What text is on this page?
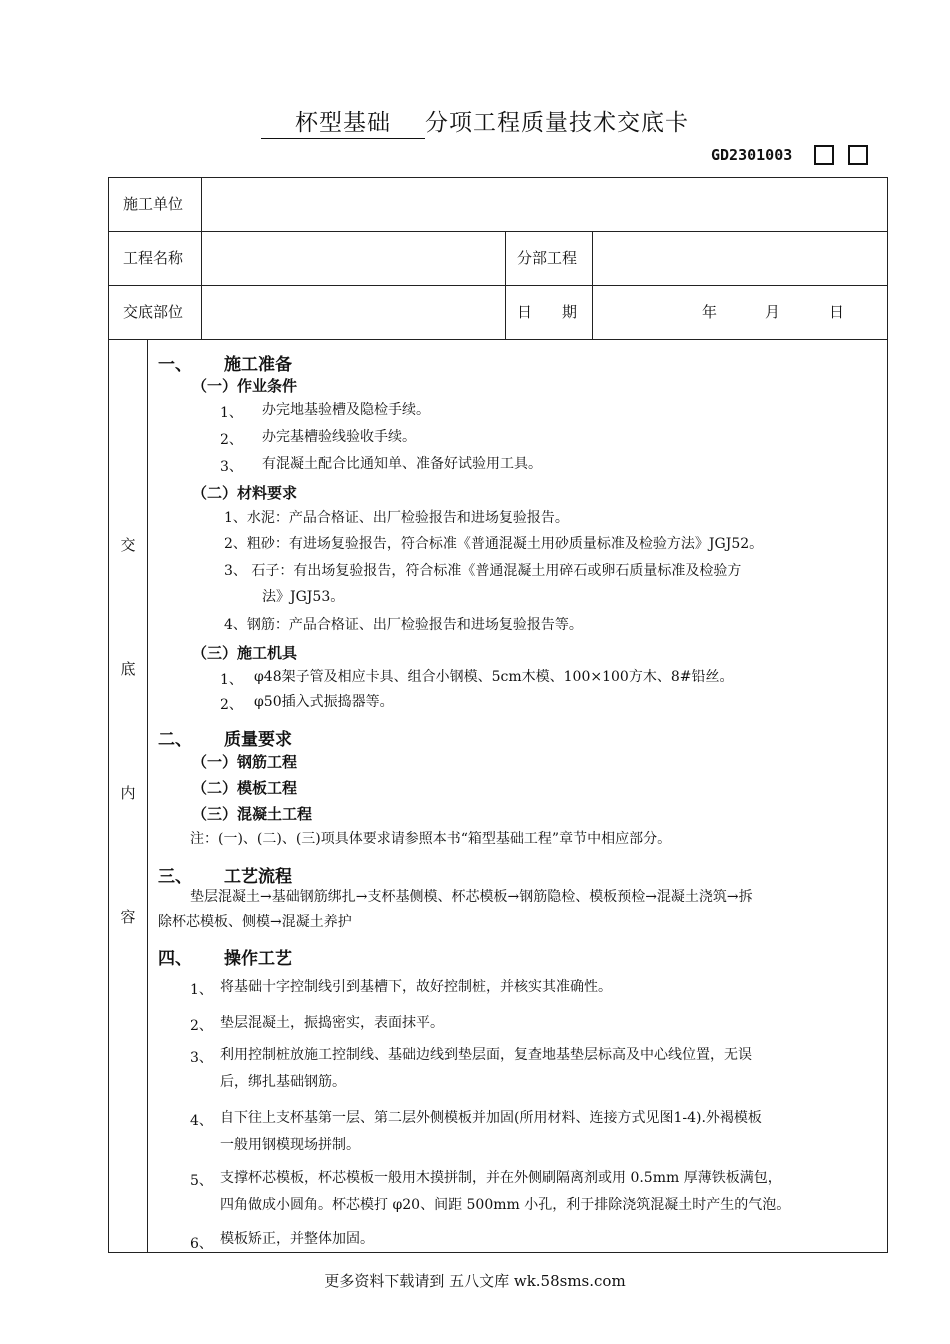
杯型基础 分项工程质量技术交底卡
GD2301003
施工单位
工程名称	分部工程
交底部位	日　　期	年	月	日
交
底
内
容
一、 施工准备
（一）作业条件
1、 办完地基验槽及隐检手续。
2、 办完基槽验线验收手续。
3、 有混凝土配合比通知单、准备好试验用工具。
（二）材料要求
1、水泥：产品合格证、出厂检验报告和进场复验报告。
2、粗砂：有进场复验报告，符合标准《普通混凝土用砂质量标准及检验方法》JGJ52。
3、 石子：有出场复验报告，符合标准《普通混凝土用碎石或卵石质量标准及检验方
法》JGJ53。
4、钢筋：产品合格证、出厂检验报告和进场复验报告等。
（三）施工机具
1、 φ48架子管及相应卡具、组合小钢模、5cm木模、100×100方木、8#铅丝。
2、 φ50插入式振捣器等。
二、 质量要求
（一）钢筋工程
（二）模板工程
（三）混凝土工程
注：(一)、(二)、(三)项具体要求请参照本书“箱型基础工程”章节中相应部分。
三、 工艺流程
垫层混凝土→基础钢筋绑扎→支杯基侧模、杯芯模板→钢筋隐检、模板预检→混凝土浇筑→拆
除杯芯模板、侧模→混凝土养护
四、 操作工艺
1、 将基础十字控制线引到基槽下，故好控制桩，并核实其准确性。
2、 垫层混凝土，振捣密实，表面抹平。
3、 利用控制桩放施工控制线、基础边线到垫层面，复查地基垫层标高及中心线位置，无误
后，绑扎基础钢筋。
4、 自下往上支杯基第一层、第二层外侧模板并加固(所用材料、连接方式见图1-4).外褐模板
一般用钢模现场拼制。
5、 支撑杯芯模板，杯芯模板一般用木摸拼制，并在外侧刷隔离剂或用 0.5mm 厚薄铁板满包，
四角做成小圆角。杯芯模打 φ20、间距 500mm 小孔，利于排除浇筑混凝土时产生的气泡。
6、 模板矫正，并整体加固。
更多资料下载请到 五八文库 wk.58sms.com
